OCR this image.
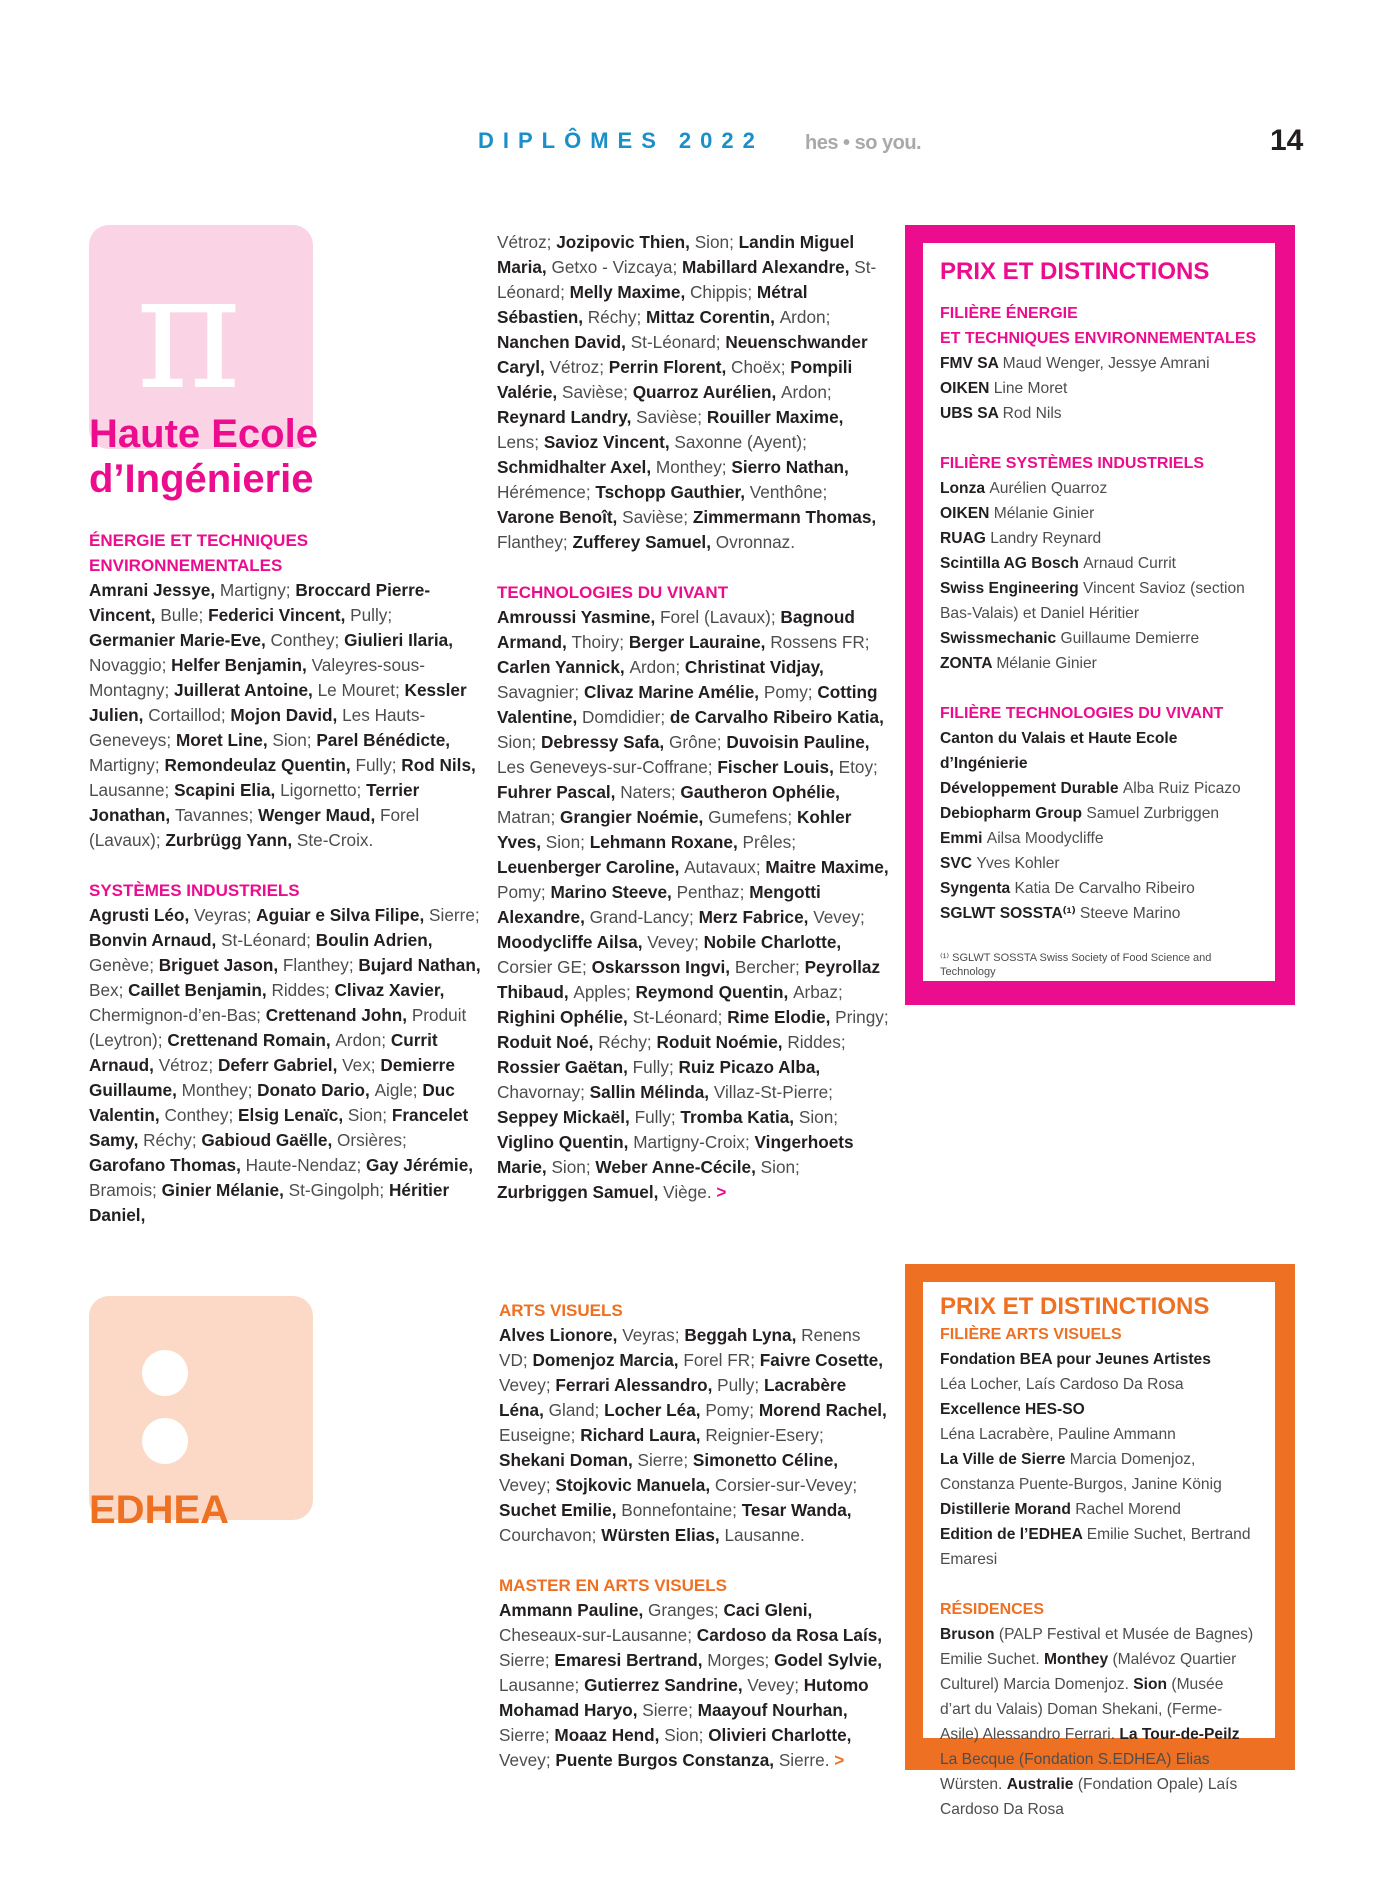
DIPLÔMES 2022 hes • so you.	14
π
Haute Ecole
d’Ingénierie
ÉNERGIE ET TECHNIQUES ENVIRONNEMENTALES

Amrani Jessye, Martigny; Broccard Pierre-Vincent, Bulle; Federici Vincent, Pully; Germanier Marie-Eve, Conthey; Giulieri Ilaria, Novaggio; Helfer Benjamin, Valeyres-sous-Montagny; Juillerat Antoine, Le Mouret; Kessler Julien, Cortaillod; Mojon David, Les Hauts-Geneveys; Moret Line, Sion; Parel Bénédicte, Martigny; Remondeulaz Quentin, Fully; Rod Nils, Lausanne; Scapini Elia, Ligornetto; Terrier Jonathan, Tavannes; Wenger Maud, Forel (Lavaux); Zurbrügg Yann, Ste-Croix.

SYSTÈMES INDUSTRIELS

Agrusti Léo, Veyras; Aguiar e Silva Filipe, Sierre; Bonvin Arnaud, St-Léonard; Boulin Adrien, Genève; Briguet Jason, Flanthey; Bujard Nathan, Bex; Caillet Benjamin, Riddes; Clivaz Xavier, Chermignon-d’en-Bas; Crettenand John, Produit (Leytron); Crettenand Romain, Ardon; Currit Arnaud, Vétroz; Deferr Gabriel, Vex; Demierre Guillaume, Monthey; Donato Dario, Aigle; Duc Valentin, Conthey; Elsig Lenaïc, Sion; Francelet Samy, Réchy; Gabioud Gaëlle, Orsières; Garofano Thomas, Haute-Nendaz; Gay Jérémie, Bramois; Ginier Mélanie, St-Gingolph; Héritier Daniel,

Vétroz; Jozipovic Thien, Sion; Landin Miguel Maria, Getxo - Vizcaya; Mabillard Alexandre, St-Léonard; Melly Maxime, Chippis; Métral Sébastien, Réchy; Mittaz Corentin, Ardon; Nanchen David, St-Léonard; Neuenschwander Caryl, Vétroz; Perrin Florent, Choëx; Pompili Valérie, Savièse; Quarroz Aurélien, Ardon; Reynard Landry, Savièse; Rouiller Maxime, Lens; Savioz Vincent, Saxonne (Ayent); Schmidhalter Axel, Monthey; Sierro Nathan, Hérémence; Tschopp Gauthier, Venthône; Varone Benoît, Savièse; Zimmermann Thomas, Flanthey; Zufferey Samuel, Ovronnaz.

TECHNOLOGIES DU VIVANT

Amroussi Yasmine, Forel (Lavaux); Bagnoud Armand, Thoiry; Berger Lauraine, Rossens FR; Carlen Yannick, Ardon; Christinat Vidjay, Savagnier; Clivaz Marine Amélie, Pomy; Cotting Valentine, Domdidier; de Carvalho Ribeiro Katia, Sion; Debressy Safa, Grône; Duvoisin Pauline, Les Geneveys-sur-Coffrane; Fischer Louis, Etoy; Fuhrer Pascal, Naters; Gautheron Ophélie, Matran; Grangier Noémie, Gumefens; Kohler Yves, Sion; Lehmann Roxane, Prêles; Leuenberger Caroline, Autavaux; Maitre Maxime, Pomy; Marino Steeve, Penthaz; Mengotti Alexandre, Grand-Lancy; Merz Fabrice, Vevey; Moodycliffe Ailsa, Vevey; Nobile Charlotte, Corsier GE; Oskarsson Ingvi, Bercher; Peyrollaz Thibaud, Apples; Reymond Quentin, Arbaz; Righini Ophélie, St-Léonard; Rime Elodie, Pringy; Roduit Noé, Réchy; Roduit Noémie, Riddes; Rossier Gaëtan, Fully; Ruiz Picazo Alba, Chavornay; Sallin Mélinda, Villaz-St-Pierre; Seppey Mickaël, Fully; Tromba Katia, Sion; Viglino Quentin, Martigny-Croix; Vingerhoets Marie, Sion; Weber Anne-Cécile, Sion; Zurbriggen Samuel, Viège. >

PRIX ET DISTINCTIONS
FILIÈRE ÉNERGIE
ET TECHNIQUES ENVIRONNEMENTALES
FMV SA Maud Wenger, Jessye Amrani
OIKEN Line Moret
UBS SA Rod Nils
FILIÈRE SYSTÈMES INDUSTRIELS
Lonza Aurélien Quarroz
OIKEN Mélanie Ginier
RUAG Landry Reynard
Scintilla AG Bosch Arnaud Currit
Swiss Engineering Vincent Savioz (section Bas-Valais) et Daniel Héritier
Swissmechanic Guillaume Demierre
ZONTA Mélanie Ginier
FILIÈRE TECHNOLOGIES DU VIVANT
Canton du Valais et Haute Ecole d’Ingénierie
Développement Durable Alba Ruiz Picazo
Debiopharm Group Samuel Zurbriggen
Emmi Ailsa Moodycliffe
SVC Yves Kohler
Syngenta Katia De Carvalho Ribeiro
SGLWT SOSSTA⁽¹⁾ Steeve Marino
⁽¹⁾ SGLWT SOSSTA Swiss Society of Food Science and Technology
EDHEA
ARTS VISUELS

Alves Lionore, Veyras; Beggah Lyna, Renens VD; Domenjoz Marcia, Forel FR; Faivre Cosette, Vevey; Ferrari Alessandro, Pully; Lacrabère Léna, Gland; Locher Léa, Pomy; Morend Rachel, Euseigne; Richard Laura, Reignier-Esery; Shekani Doman, Sierre; Simonetto Céline, Vevey; Stojkovic Manuela, Corsier-sur-Vevey; Suchet Emilie, Bonnefontaine; Tesar Wanda, Courchavon; Würsten Elias, Lausanne.

MASTER EN ARTS VISUELS

Ammann Pauline, Granges; Caci Gleni, Cheseaux-sur-Lausanne; Cardoso da Rosa Laís, Sierre; Emaresi Bertrand, Morges; Godel Sylvie, Lausanne; Gutierrez Sandrine, Vevey; Hutomo Mohamad Haryo, Sierre; Maayouf Nourhan, Sierre; Moaaz Hend, Sion; Olivieri Charlotte, Vevey; Puente Burgos Constanza, Sierre. >

PRIX ET DISTINCTIONS
FILIÈRE ARTS VISUELS
Fondation BEA pour Jeunes Artistes
Léa Locher, Laís Cardoso Da Rosa
Excellence HES-SO
Léna Lacrabère, Pauline Ammann
La Ville de Sierre Marcia Domenjoz, Constanza Puente-Burgos, Janine König
Distillerie Morand Rachel Morend
Edition de l’EDHEA Emilie Suchet, Bertrand Emaresi
RÉSIDENCES
Bruson (PALP Festival et Musée de Bagnes) Emilie Suchet. Monthey (Malévoz Quartier Culturel) Marcia Domenjoz. Sion (Musée d’art du Valais) Doman Shekani, (Ferme-Asile) Alessandro Ferrari. La Tour-de-Peilz La Becque (Fondation S.EDHEA) Elias Würsten. Australie (Fondation Opale) Laís Cardoso Da Rosa
